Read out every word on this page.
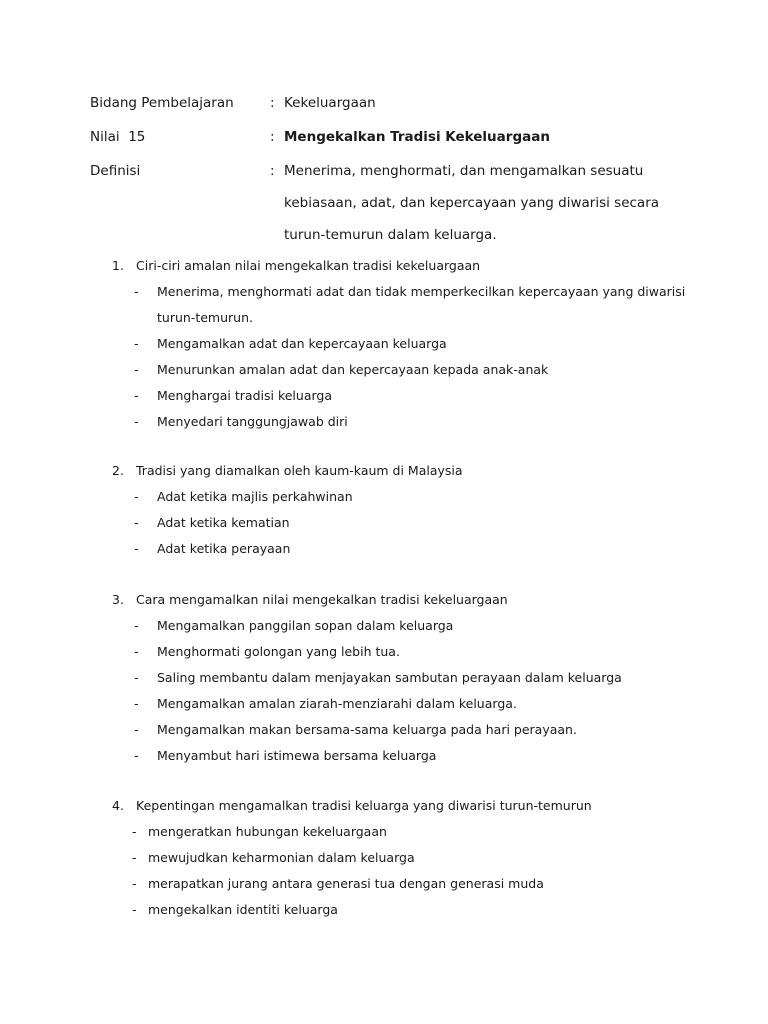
Bidang Pembelajaran	: Kekeluargaan
Nilai  15	: Mengekalkan Tradisi Kekeluargaan
Definisi	: Menerima, menghormati, dan mengamalkan sesuatu
kebiasaan, adat, dan kepercayaan yang diwarisi secara
turun-temurun dalam keluarga.
1. Ciri-ciri amalan nilai mengekalkan tradisi kekeluargaan
-	Menerima, menghormati adat dan tidak memperkecilkan kepercayaan yang diwarisi
turun-temurun.
-	Mengamalkan adat dan kepercayaan keluarga
-	Menurunkan amalan adat dan kepercayaan kepada anak-anak
-	Menghargai tradisi keluarga
-	Menyedari tanggungjawab diri
2. Tradisi yang diamalkan oleh kaum-kaum di Malaysia
-	Adat ketika majlis perkahwinan
-	Adat ketika kematian
-	Adat ketika perayaan
3. Cara mengamalkan nilai mengekalkan tradisi kekeluargaan
-	Mengamalkan panggilan sopan dalam keluarga
-	Menghormati golongan yang lebih tua.
-	Saling membantu dalam menjayakan sambutan perayaan dalam keluarga
-	Mengamalkan amalan ziarah-menziarahi dalam keluarga.
-	Mengamalkan makan bersama-sama keluarga pada hari perayaan.
-	Menyambut hari istimewa bersama keluarga
4. Kepentingan mengamalkan tradisi keluarga yang diwarisi turun-temurun
- mengeratkan hubungan kekeluargaan
- mewujudkan keharmonian dalam keluarga
- merapatkan jurang antara generasi tua dengan generasi muda
- mengekalkan identiti keluarga
